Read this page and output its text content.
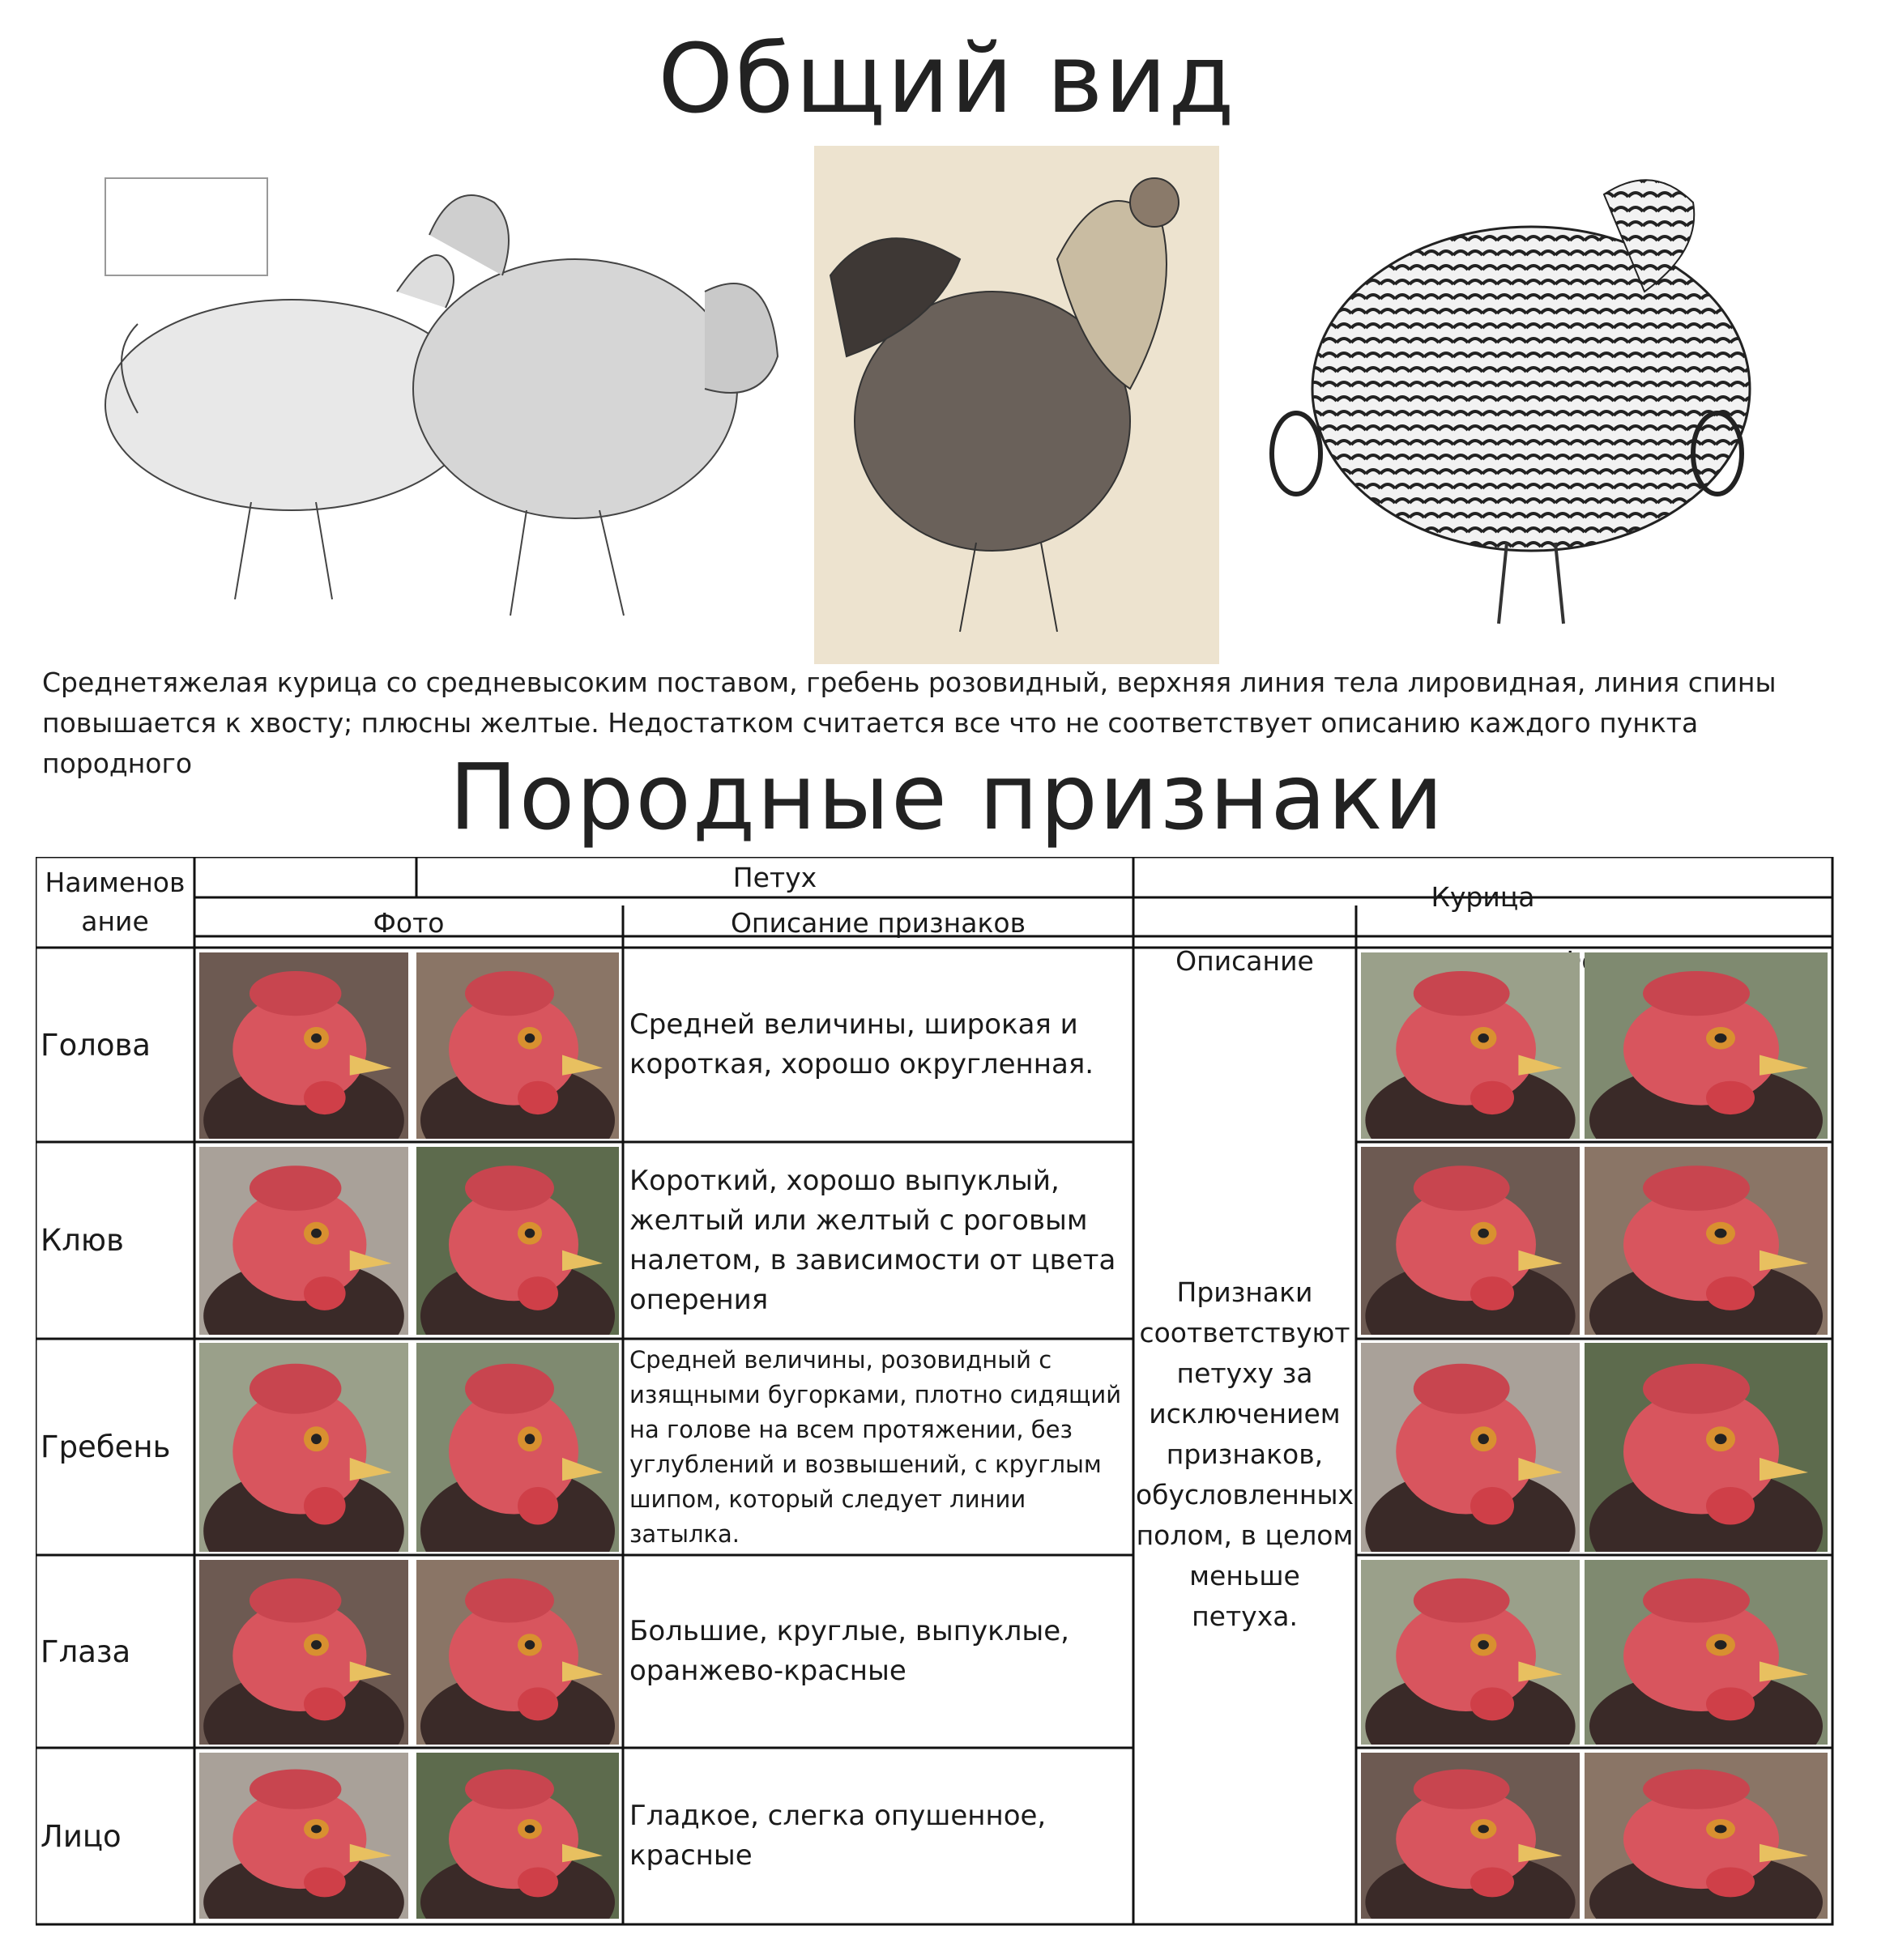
Общий вид

Среднетяжелая курица со средневысоким поставом, гребень розовидный, верхняя линия тела лировидная, линия спины повышается к хвосту; плюсны желтые. Недостатком считается все что не соответствует описанию каждого пункта породного	Породные признаки
Наименов ание
Петух
Курица
Фото	Описание признаков
Описание
Голова
Клюв
Гребень
Глаза
Лицо
Средней величины, широкая и короткая, хорошо округленная.
Короткий, хорошо выпуклый, желтый или желтый с роговым налетом, в зависимости от цвета оперения
Средней величины, розовидный с изящными бугорками, плотно сидящий на голове на всем протяжении, без углублений и возвышений, с круглым шипом, который следует линии затылка.
Большие, круглые, выпуклые, оранжево-красные
Гладкое, слегка опушенное, красные
Признаки соответствуют петуху за исключением признаков, обусловленных полом, в целом меньше петуха.
